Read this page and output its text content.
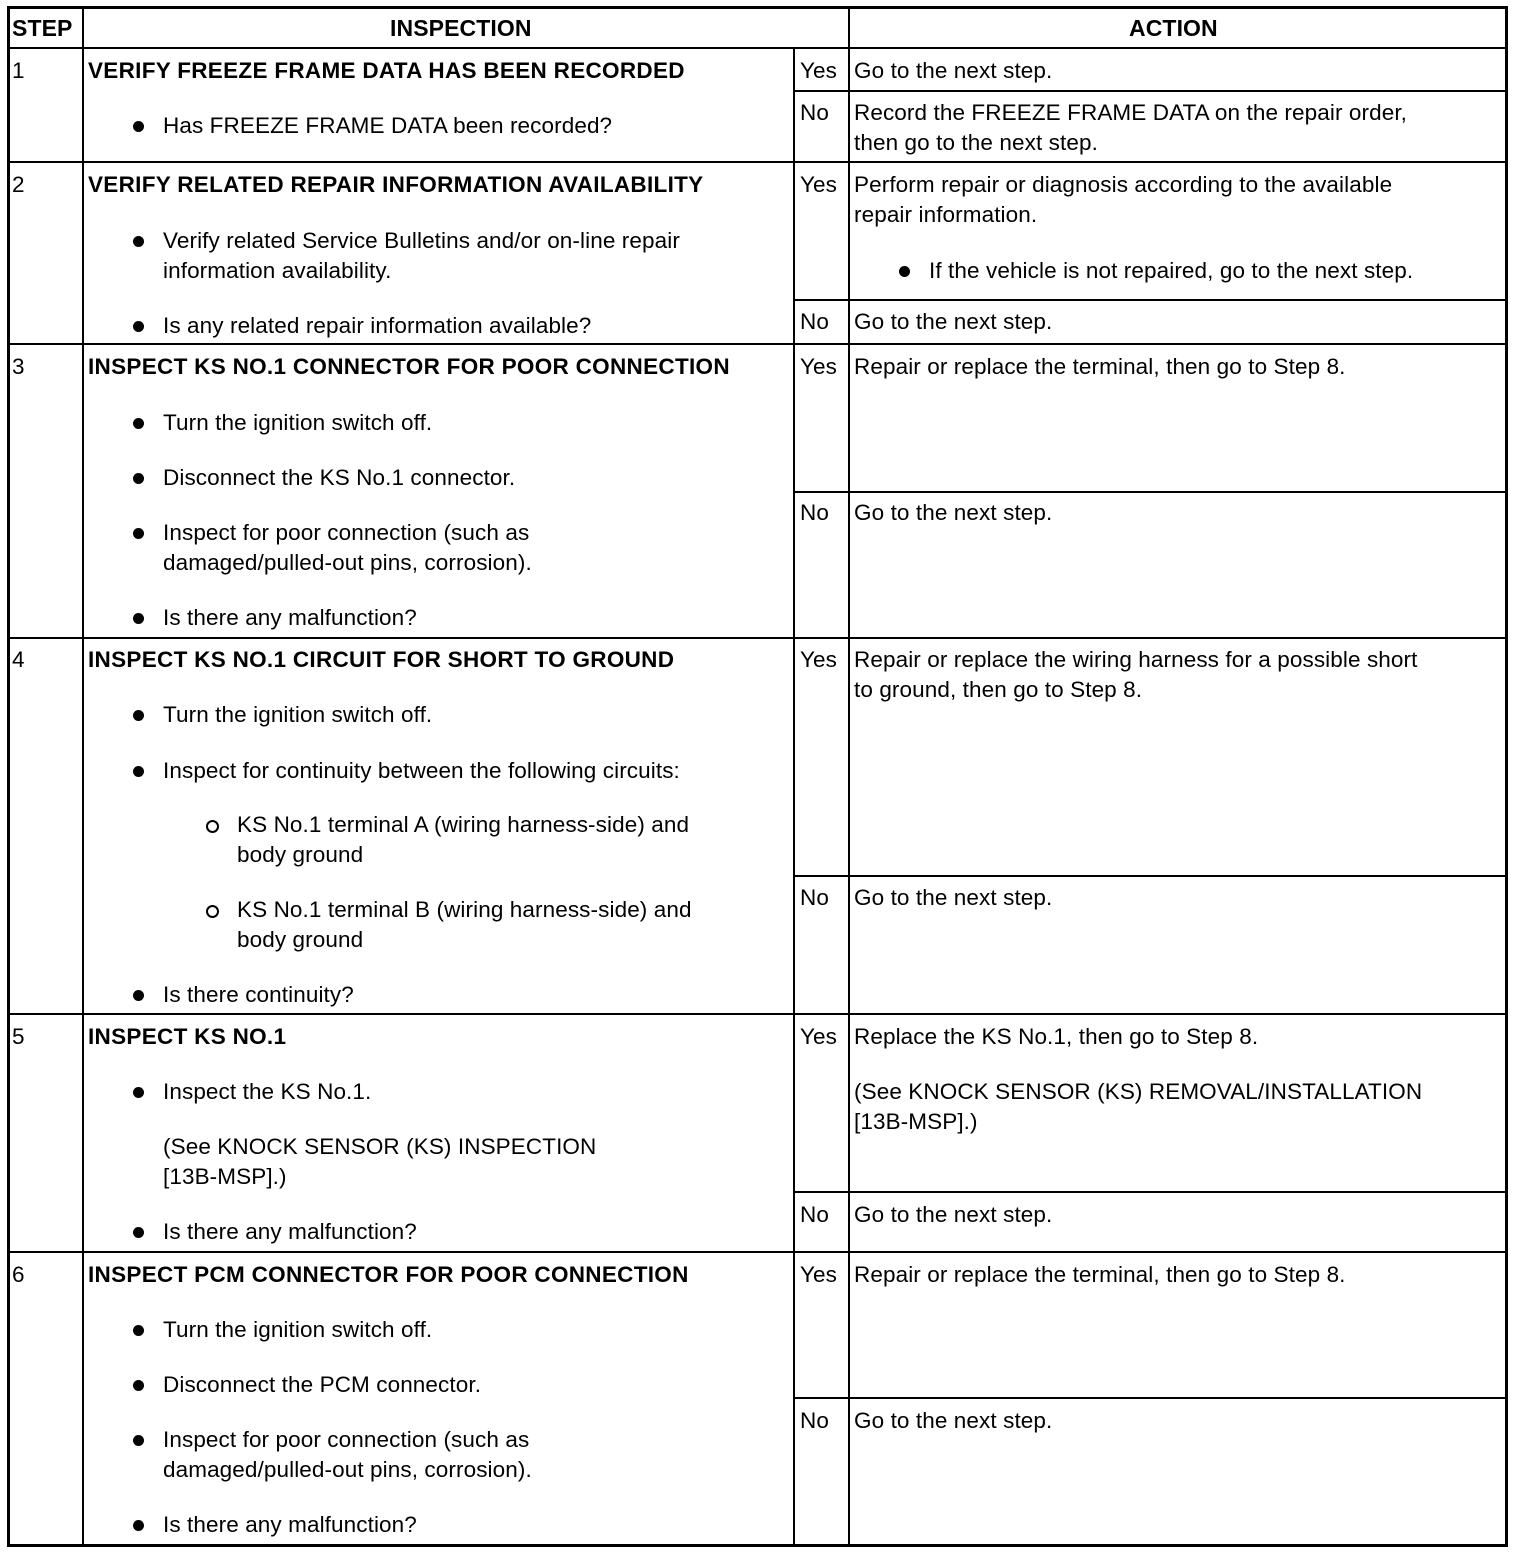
STEP	INSPECTION	ACTION
1	VERIFY FREEZE FRAME DATA HAS BEEN RECORDED
Has FREEZE FRAME DATA been recorded?
Yes Go to the next step.
No Record the FREEZE FRAME DATA on the repair order,
then go to the next step.
2	VERIFY RELATED REPAIR INFORMATION AVAILABILITY
Verify related Service Bulletins and/or on-line repair
information availability.
Is any related repair information available?
Yes Perform repair or diagnosis according to the available
repair information.
If the vehicle is not repaired, go to the next step.
No Go to the next step.
3	INSPECT KS NO.1 CONNECTOR FOR POOR CONNECTION
Turn the ignition switch off.
Disconnect the KS No.1 connector.
Inspect for poor connection (such as
damaged/pulled-out pins, corrosion).
Is there any malfunction?
Yes Repair or replace the terminal, then go to Step 8.
No Go to the next step.
4	INSPECT KS NO.1 CIRCUIT FOR SHORT TO GROUND
Turn the ignition switch off.
Inspect for continuity between the following circuits:
KS No.1 terminal A (wiring harness-side) and
body ground
KS No.1 terminal B (wiring harness-side) and
body ground
Is there continuity?
Yes Repair or replace the wiring harness for a possible short
to ground, then go to Step 8.
No Go to the next step.
5	INSPECT KS NO.1
Inspect the KS No.1.
(See KNOCK SENSOR (KS) INSPECTION
[13B-MSP].)
Is there any malfunction?
Yes Replace the KS No.1, then go to Step 8.
(See KNOCK SENSOR (KS) REMOVAL/INSTALLATION
[13B-MSP].)
No Go to the next step.
6	INSPECT PCM CONNECTOR FOR POOR CONNECTION
Turn the ignition switch off.
Disconnect the PCM connector.
Inspect for poor connection (such as
damaged/pulled-out pins, corrosion).
Is there any malfunction?
Yes Repair or replace the terminal, then go to Step 8.
No Go to the next step.
